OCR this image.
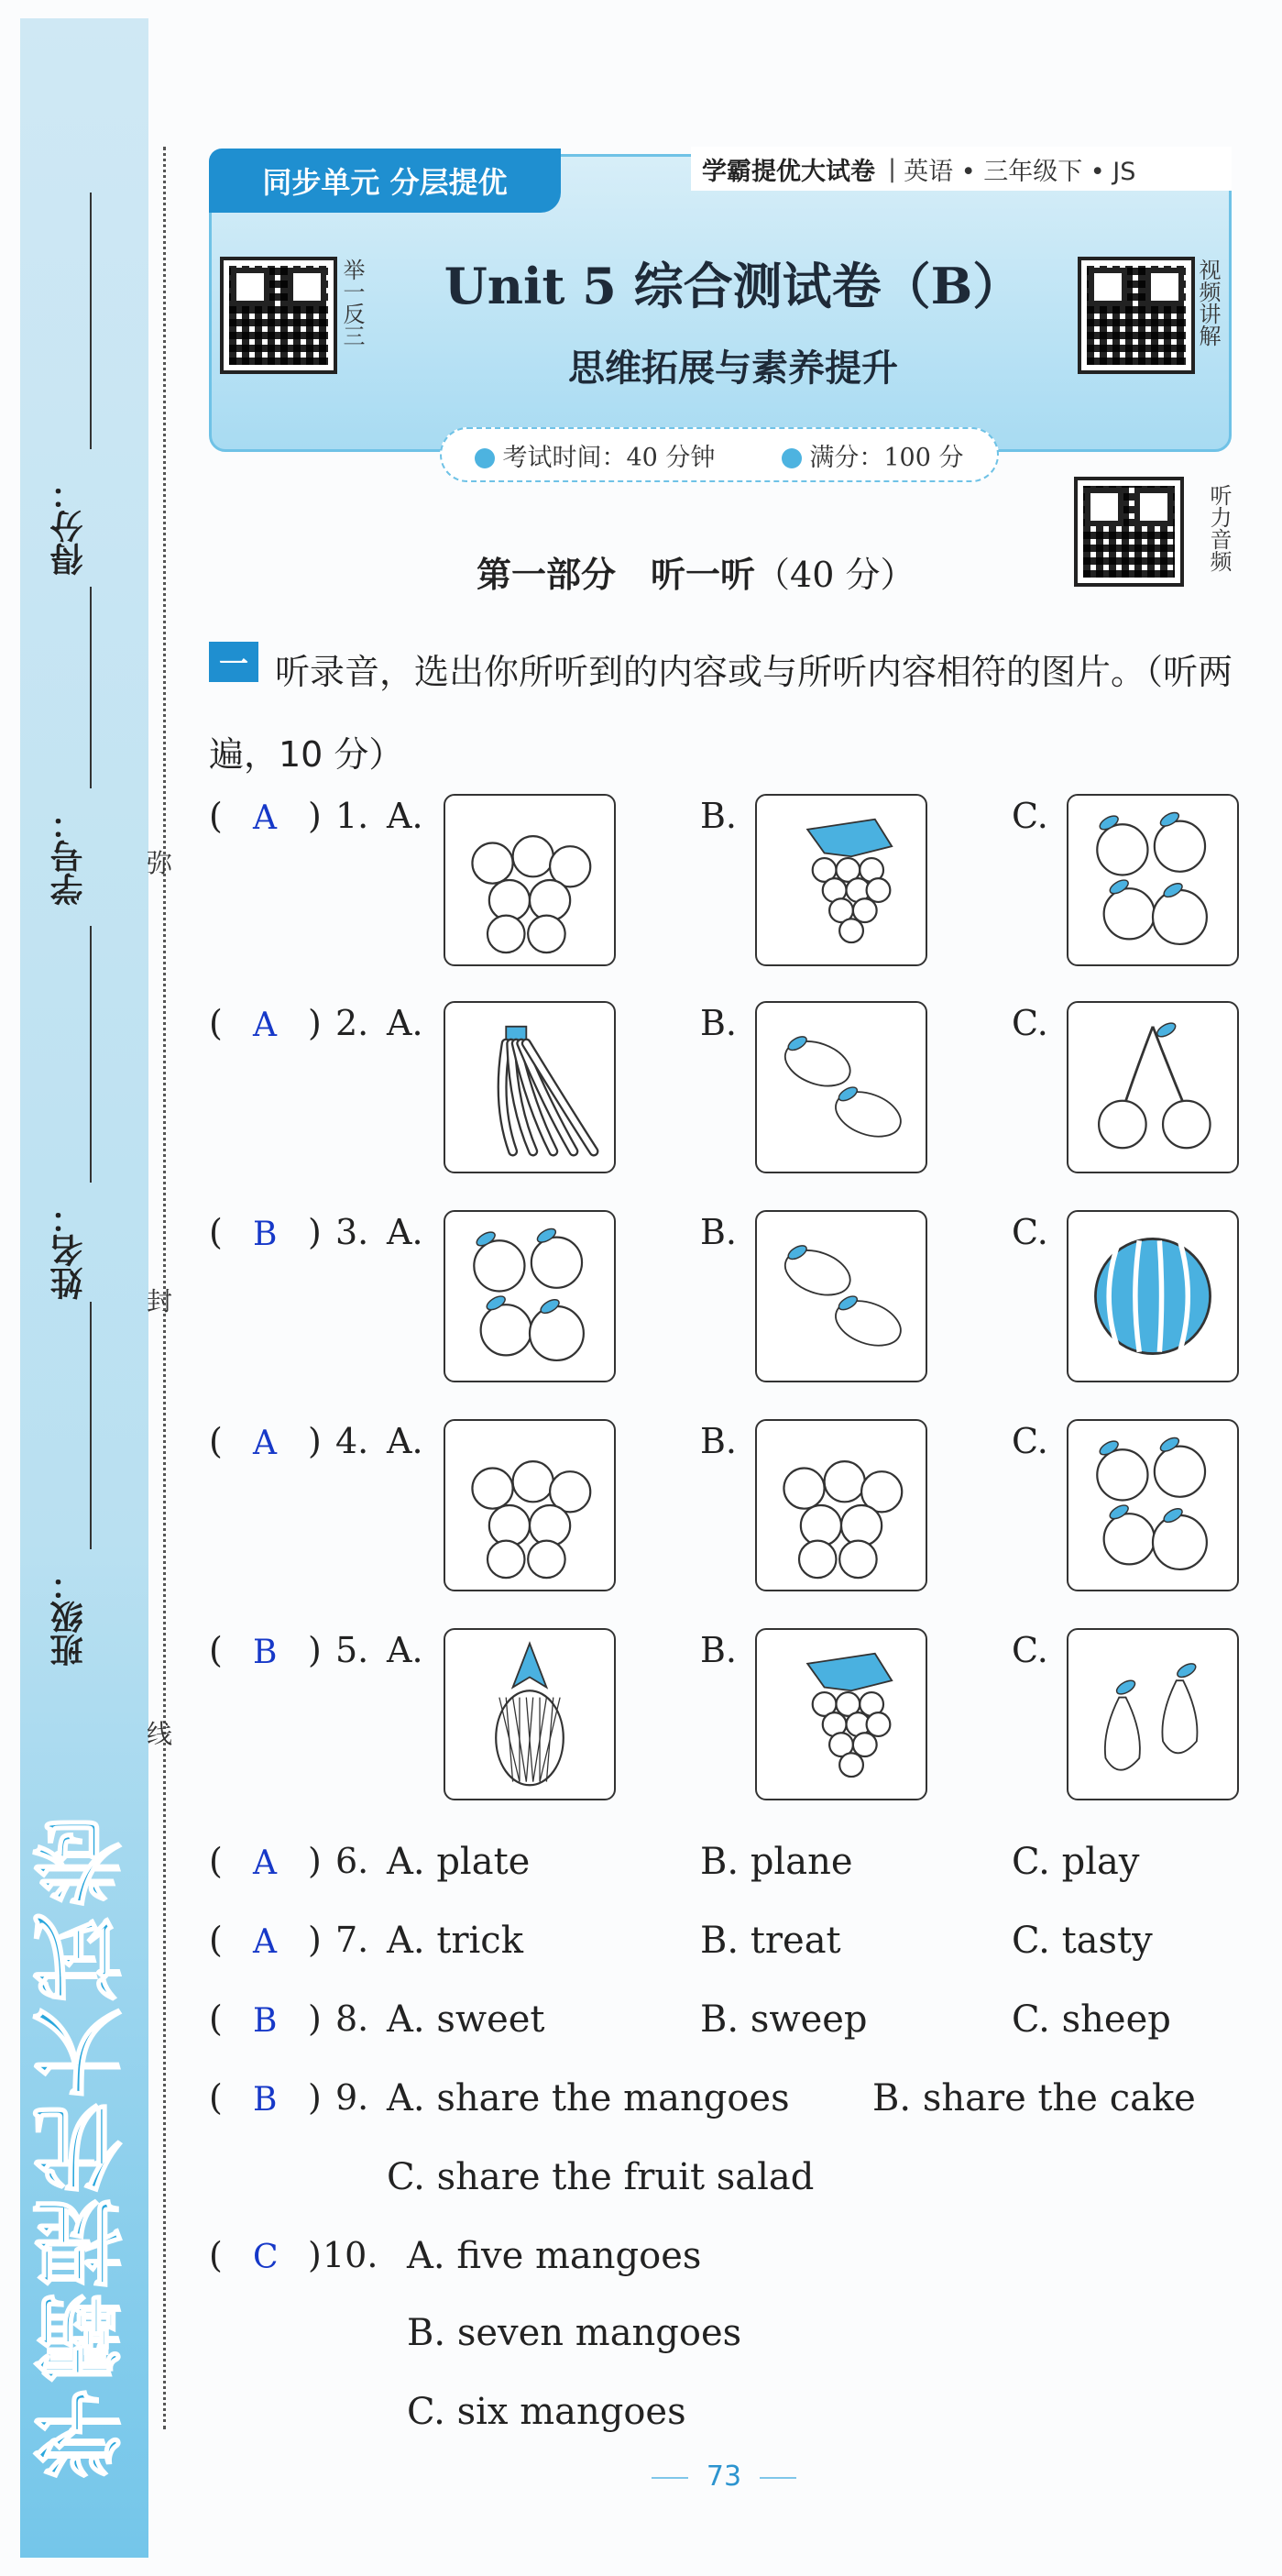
学霸提优大试卷
得分：
学号：
姓名：
班级：
弥
封
线
同步单元 分层提优	学霸提优大试卷 | 英语 • 三年级下 • JS
举一反三	视频讲解
Unit 5 综合测试卷（B）
思维拓展与素养提升
考试时间：40 分钟	满分：100 分
听力音频
第一部分　听一听（40 分）
听录音，选出你所听到的内容或与所听内容相符的图片。（听两遍，10 分）
一
( A ) 1. A.	B.	C.
( A ) 2. A.	B.	C.
( B ) 3. A.	B.	C.
( A ) 4. A.	B.	C.
( B ) 5. A.	B.	C.
( A ) 6. A. plate	B. plane	C. play
( A ) 7. A. trick	B. treat	C. tasty
( B ) 8. A. sweet	B. sweep	C. sheep
( B ) 9. A. share the mangoes B. share the cake
C. share the fruit salad
( C ) 10. A. five mangoes
B. seven mangoes
C. six mangoes
73
